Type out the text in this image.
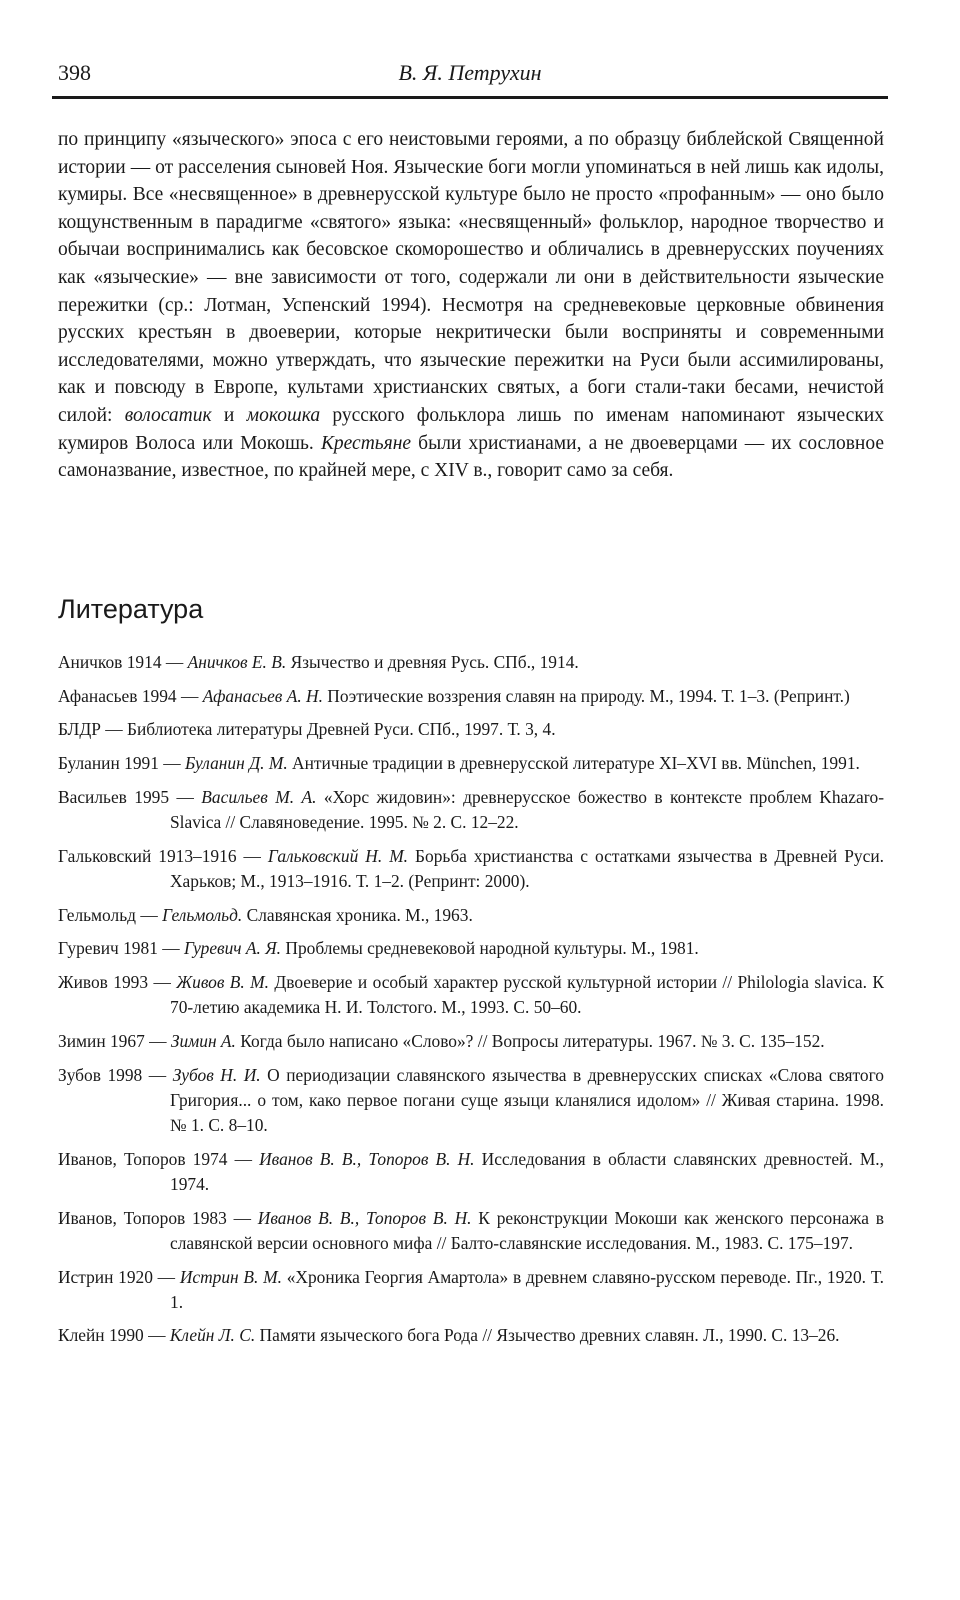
398	В. Я. Петрухин

по принципу «языческого» эпоса с его неистовыми героями, а по образцу библейской Священной истории — от расселения сыновей Ноя. Языческие боги могли упоминаться в ней лишь как идолы, кумиры. Все «несвященное» в древнерусской культуре было не просто «профанным» — оно было кощунственным в парадигме «святого» языка: «несвященный» фольклор, народное творчество и обычаи воспринимались как бесовское скоморошество и обличались в древнерусских поучениях как «языческие» — вне зависимости от того, содержали ли они в действительности языческие пережитки (ср.: Лотман, Успенский 1994). Несмотря на средневековые церковные обвинения русских крестьян в двоеверии, которые некритически были восприняты и современными исследователями, можно утверждать, что языческие пережитки на Руси были ассимилированы, как и повсюду в Европе, культами христианских святых, а боги стали-таки бесами, нечистой силой: волосатик и мокошка русского фольклора лишь по именам напоминают языческих кумиров Волоса или Мокошь. Крестьяне были христианами, а не двоеверцами — их сословное самоназвание, известное, по крайней мере, с XIV в., говорит само за себя.

Литература
Аничков 1914 — Аничков Е. В. Язычество и древняя Русь. СПб., 1914.
Афанасьев 1994 — Афанасьев А. Н. Поэтические воззрения славян на природу. М., 1994. Т. 1–3. (Репринт.)
БЛДР — Библиотека литературы Древней Руси. СПб., 1997. Т. 3, 4.
Буланин 1991 — Буланин Д. М. Античные традиции в древнерусской литературе XI–XVI вв. München, 1991.
Васильев 1995 — Васильев М. А. «Хорс жидовин»: древнерусское божество в контексте проблем Khazaro-Slavica // Славяноведение. 1995. № 2. С. 12–22.
Гальковский 1913–1916 — Гальковский Н. М. Борьба христианства с остатками язычества в Древней Руси. Харьков; М., 1913–1916. Т. 1–2. (Репринт: 2000).
Гельмольд — Гельмольд. Славянская хроника. М., 1963.
Гуревич 1981 — Гуревич А. Я. Проблемы средневековой народной культуры. М., 1981.
Живов 1993 — Живов В. М. Двоеверие и особый характер русской культурной истории // Philologia slavica. К 70-летию академика Н. И. Толстого. М., 1993. С. 50–60.
Зимин 1967 — Зимин А. Когда было написано «Слово»? // Вопросы литературы. 1967. № 3. С. 135–152.
Зубов 1998 — Зубов Н. И. О периодизации славянского язычества в древнерусских списках «Слова святого Григория... о том, како первое погани суще языци кланялися идолом» // Живая старина. 1998. № 1. С. 8–10.
Иванов, Топоров 1974 — Иванов В. В., Топоров В. Н. Исследования в области славянских древностей. М., 1974.
Иванов, Топоров 1983 — Иванов В. В., Топоров В. Н. К реконструкции Мокоши как женского персонажа в славянской версии основного мифа // Балто-славянские исследования. М., 1983. С. 175–197.
Истрин 1920 — Истрин В. М. «Хроника Георгия Амартола» в древнем славяно-русском переводе. Пг., 1920. Т. 1.
Клейн 1990 — Клейн Л. С. Памяти языческого бога Рода // Язычество древних славян. Л., 1990. С. 13–26.
